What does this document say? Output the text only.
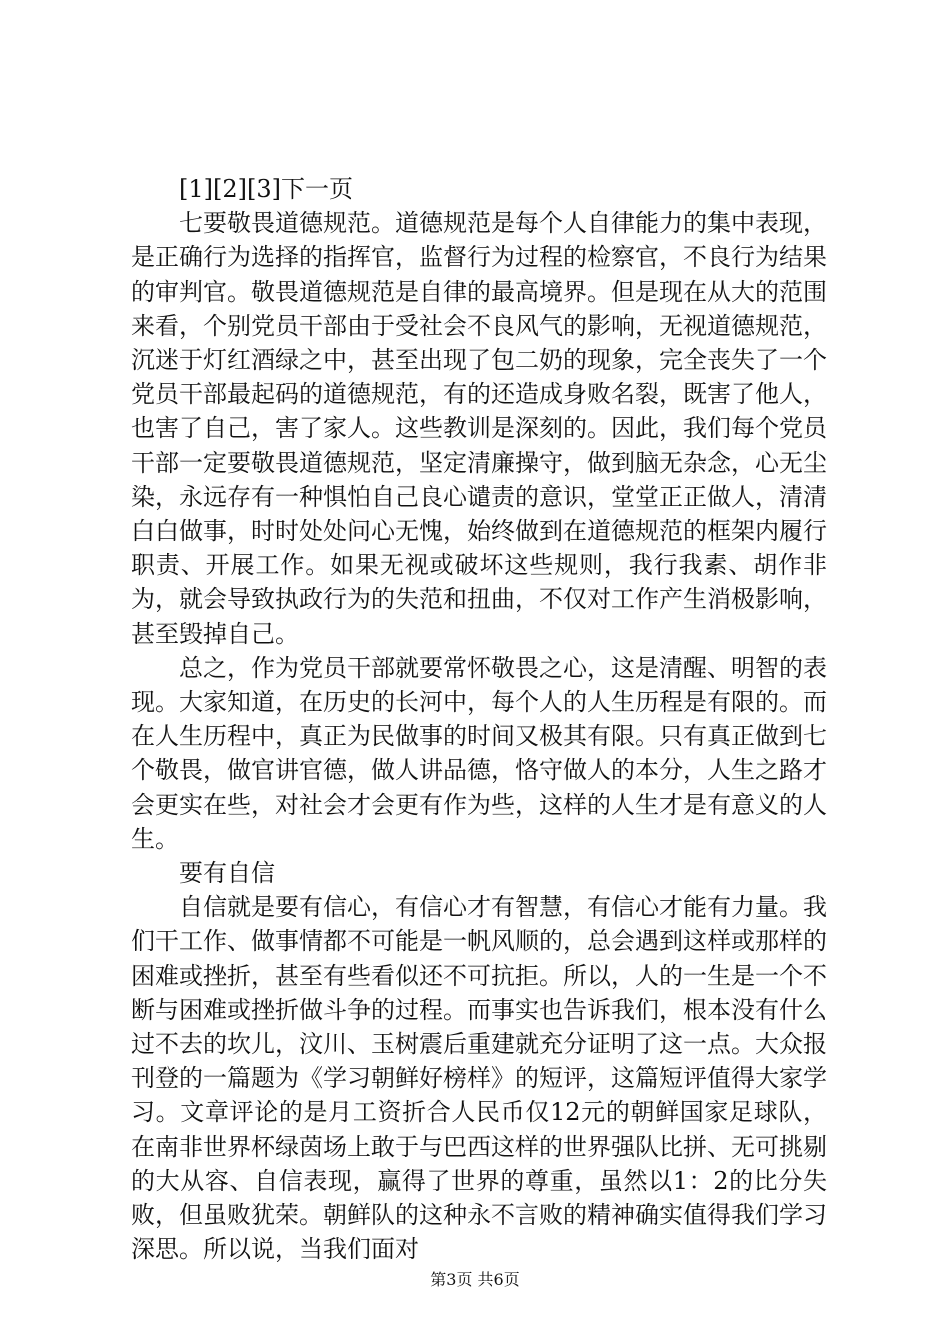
[1][2][3]下一页

七要敬畏道德规范。道德规范是每个人自律能力的集中表现，是正确行为选择的指挥官，监督行为过程的检察官，不良行为结果的审判官。敬畏道德规范是自律的最高境界。但是现在从大的范围来看，个别党员干部由于受社会不良风气的影响，无视道德规范，沉迷于灯红酒绿之中，甚至出现了包二奶的现象，完全丧失了一个党员干部最起码的道德规范，有的还造成身败名裂，既害了他人，也害了自己，害了家人。这些教训是深刻的。因此，我们每个党员干部一定要敬畏道德规范，坚定清廉操守，做到脑无杂念，心无尘染，永远存有一种惧怕自己良心谴责的意识，堂堂正正做人，清清白白做事，时时处处问心无愧，始终做到在道德规范的框架内履行职责、开展工作。如果无视或破坏这些规则，我行我素、胡作非为，就会导致执政行为的失范和扭曲，不仅对工作产生消极影响，甚至毁掉自己。

总之，作为党员干部就要常怀敬畏之心，这是清醒、明智的表现。大家知道，在历史的长河中，每个人的人生历程是有限的。而在人生历程中，真正为民做事的时间又极其有限。只有真正做到七个敬畏，做官讲官德，做人讲品德，恪守做人的本分，人生之路才会更实在些，对社会才会更有作为些，这样的人生才是有意义的人生。

要有自信

自信就是要有信心，有信心才有智慧，有信心才能有力量。我们干工作、做事情都不可能是一帆风顺的，总会遇到这样或那样的困难或挫折，甚至有些看似还不可抗拒。所以，人的一生是一个不断与困难或挫折做斗争的过程。而事实也告诉我们，根本没有什么过不去的坎儿，汶川、玉树震后重建就充分证明了这一点。大众报刊登的一篇题为《学习朝鲜好榜样》的短评，这篇短评值得大家学习。文章评论的是月工资折合人民币仅12元的朝鲜国家足球队，在南非世界杯绿茵场上敢于与巴西这样的世界强队比拼、无可挑剔的大从容、自信表现，赢得了世界的尊重，虽然以1：2的比分失败，但虽败犹荣。朝鲜队的这种永不言败的精神确实值得我们学习深思。所以说，当我们面对

第3页 共6页
